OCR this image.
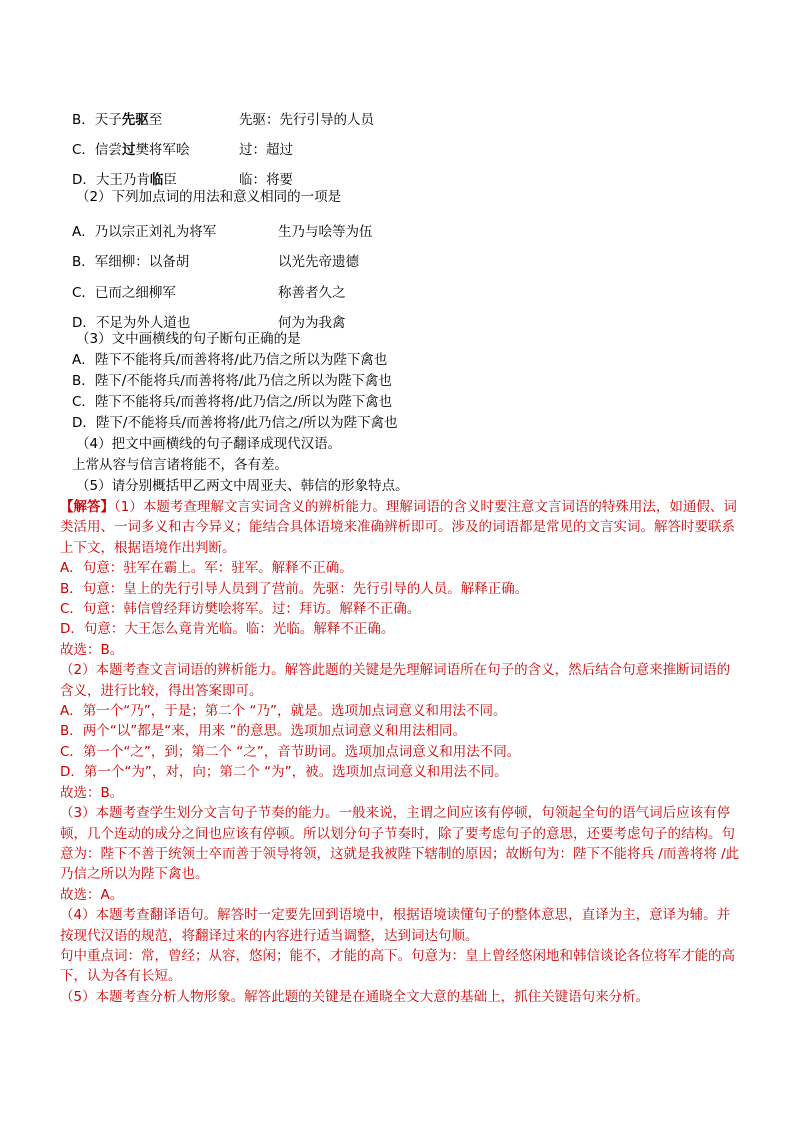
B．天子先驱至	先驱：先行引导的人员
C．信尝过樊将军哙	过：超过
D．大王乃肯临臣	临：将要
（2）下列加点词的用法和意义相同的一项是
A．乃以宗正刘礼为将军	生乃与哙等为伍
B．军细柳：以备胡	以光先帝遗德
C．已而之细柳军	称善者久之
D．不足为外人道也	何为为我禽
（3）文中画横线的句子断句正确的是
A．陛下不能将兵/而善将将/此乃信之所以为陛下禽也
B．陛下/不能将兵/而善将将/此乃信之所以为陛下禽也
C．陛下不能将兵/而善将将/此乃信之/所以为陛下禽也
D．陛下/不能将兵/而善将将/此乃信之/所以为陛下禽也
（4）把文中画横线的句子翻译成现代汉语。
上常从容与信言诸将能不，各有差。
（5）请分别概括甲乙两文中周亚夫、韩信的形象特点。

【解答】（1）本题考查理解文言实词含义的辨析能力。理解词语的含义时要注意文言词语的特殊用法，如通假、词类活用、一词多义和古今异义；能结合具体语境来准确辨析即可。涉及的词语都是常见的文言实词。解答时要联系上下文，根据语境作出判断。

A．句意：驻军在霸上。军：驻军。解释不正确。

B．句意：皇上的先行引导人员到了营前。先驱：先行引导的人员。解释正确。

C．句意：韩信曾经拜访樊哙将军。过：拜访。解释不正确。

D．句意：大王怎么竟肯光临。临：光临。解释不正确。

故选：B。

（2）本题考查文言词语的辨析能力。解答此题的关键是先理解词语所在句子的含义，然后结合句意来推断词语的含义，进行比较，得出答案即可。

A．第一个“乃”，于是；第二个 “乃”，就是。选项加点词意义和用法不同。

B．两个“以”都是“来，用来 ”的意思。选项加点词意义和用法相同。

C．第一个“之”，到；第二个 “之”，音节助词。选项加点词意义和用法不同。

D．第一个“为”，对，向；第二个 “为”，被。选项加点词意义和用法不同。

故选：B。

（3）本题考查学生划分文言句子节奏的能力。一般来说，主谓之间应该有停顿，句领起全句的语气词后应该有停顿，几个连动的成分之间也应该有停顿。所以划分句子节奏时，除了要考虑句子的意思，还要考虑句子的结构。句意为：陛下不善于统领士卒而善于领导将领，这就是我被陛下辖制的原因；故断句为：陛下不能将兵 /而善将将 /此乃信之所以为陛下禽也。

故选：A。

（4）本题考查翻译语句。解答时一定要先回到语境中，根据语境读懂句子的整体意思，直译为主，意译为辅。并按现代汉语的规范，将翻译过来的内容进行适当调整，达到词达句顺。

句中重点词：常，曾经；从容，悠闲；能不，才能的高下。句意为：皇上曾经悠闲地和韩信谈论各位将军才能的高下，认为各有长短。

（5）本题考查分析人物形象。解答此题的关键是在通晓全文大意的基础上，抓住关键语句来分析。
